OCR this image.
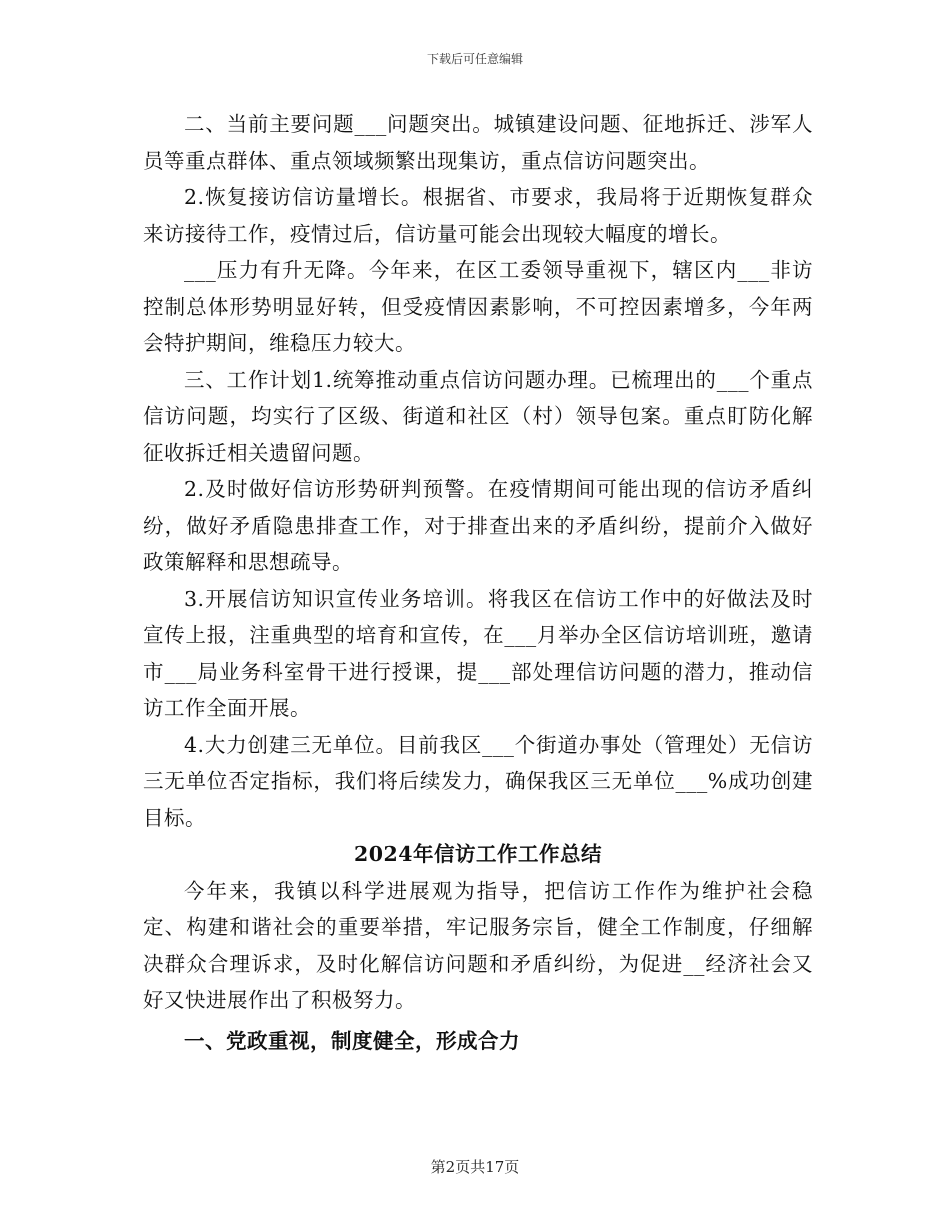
下载后可任意编辑

二、当前主要问题___问题突出。城镇建设问题、征地拆迁、涉军人员等重点群体、重点领域频繁出现集访，重点信访问题突出。

2.恢复接访信访量增长。根据省、市要求，我局将于近期恢复群众来访接待工作，疫情过后，信访量可能会出现较大幅度的增长。

___压力有升无降。今年来，在区工委领导重视下，辖区内___非访控制总体形势明显好转，但受疫情因素影响，不可控因素增多，今年两会特护期间，维稳压力较大。

三、工作计划1.统筹推动重点信访问题办理。已梳理出的___个重点信访问题，均实行了区级、街道和社区（村）领导包案。重点盯防化解征收拆迁相关遗留问题。

2.及时做好信访形势研判预警。在疫情期间可能出现的信访矛盾纠纷，做好矛盾隐患排查工作，对于排查出来的矛盾纠纷，提前介入做好政策解释和思想疏导。

3.开展信访知识宣传业务培训。将我区在信访工作中的好做法及时宣传上报，注重典型的培育和宣传，在___月举办全区信访培训班，邀请市___局业务科室骨干进行授课，提___部处理信访问题的潜力，推动信访工作全面开展。

4.大力创建三无单位。目前我区___个街道办事处（管理处）无信访三无单位否定指标，我们将后续发力，确保我区三无单位___%成功创建目标。

2024年信访工作工作总结

今年来，我镇以科学进展观为指导，把信访工作作为维护社会稳定、构建和谐社会的重要举措，牢记服务宗旨，健全工作制度，仔细解决群众合理诉求，及时化解信访问题和矛盾纠纷，为促进__经济社会又好又快进展作出了积极努力。

一、党政重视，制度健全，形成合力

第2页共17页
